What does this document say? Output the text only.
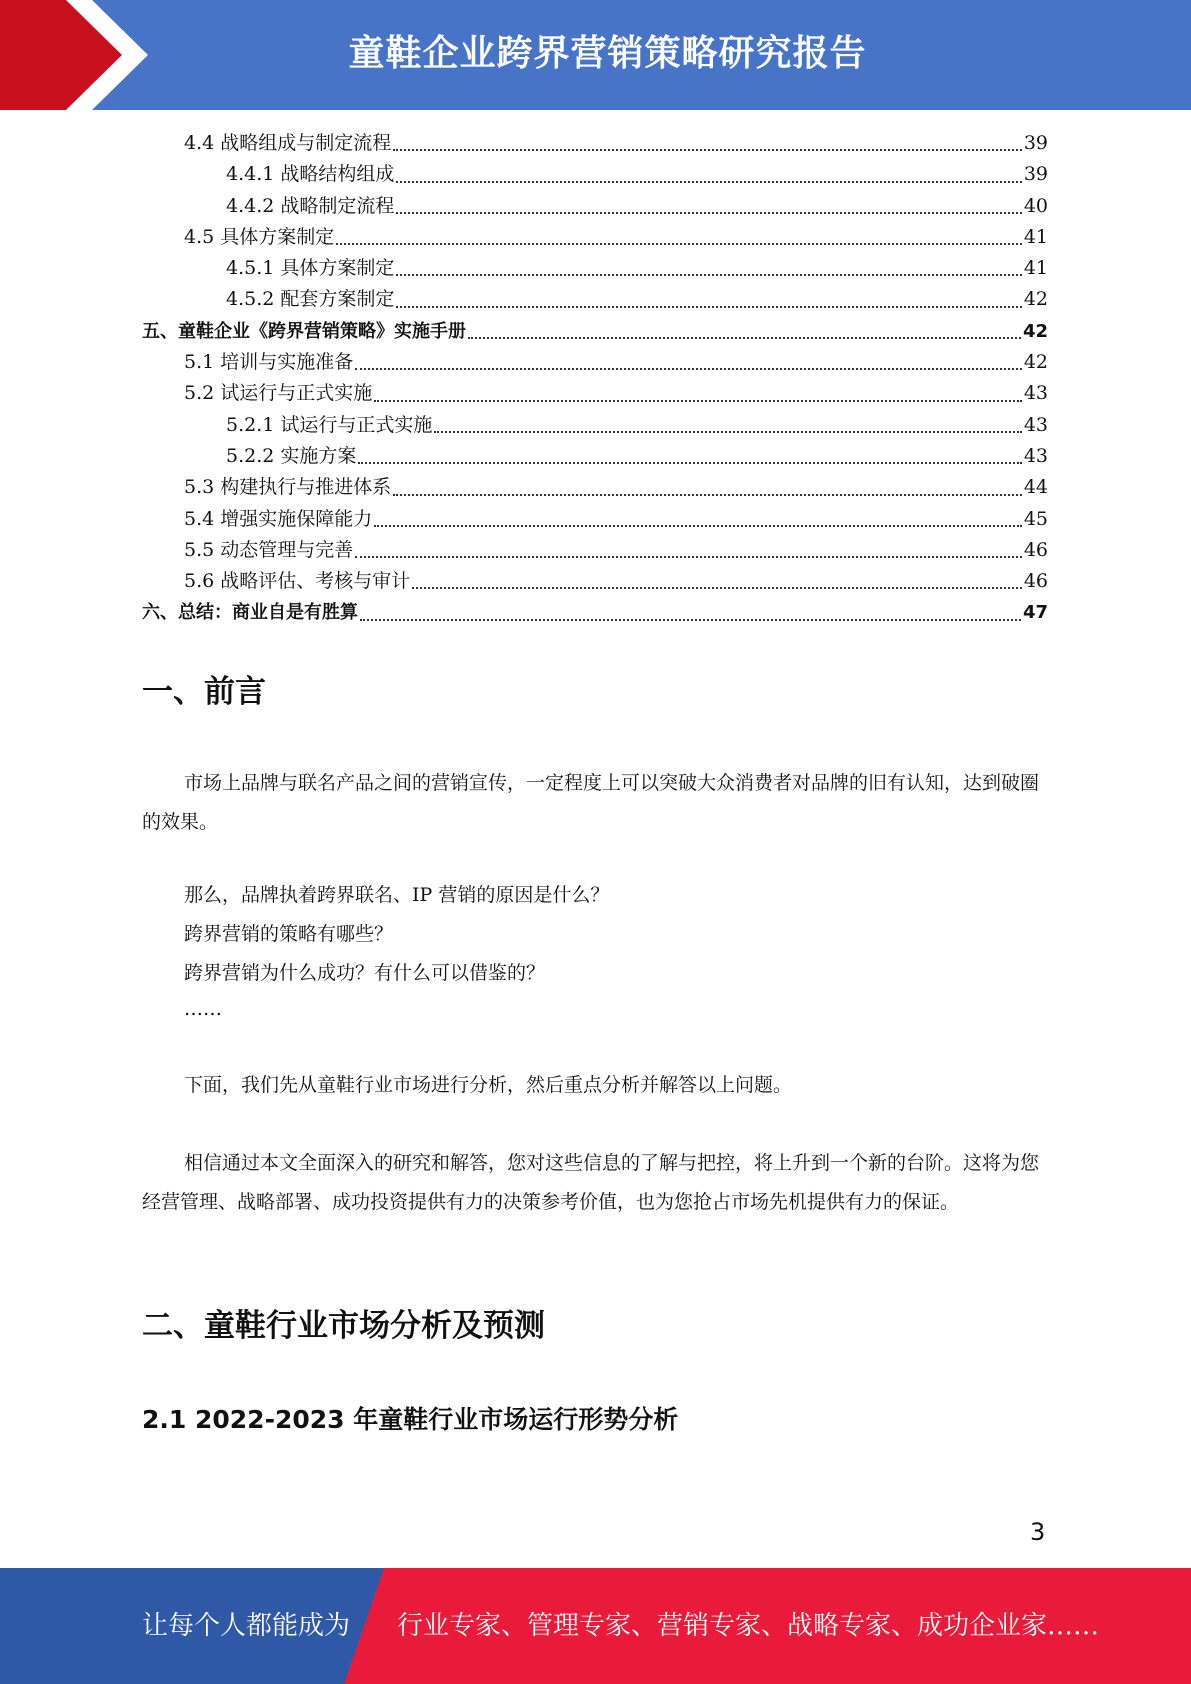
童鞋企业跨界营销策略研究报告
4.4 战略组成与制定流程	39
4.4.1 战略结构组成	39
4.4.2 战略制定流程	40
4.5 具体方案制定	41
4.5.1 具体方案制定	41
4.5.2 配套方案制定	42
五、童鞋企业《跨界营销策略》实施手册	42
5.1 培训与实施准备	42
5.2 试运行与正式实施	43
5.2.1 试运行与正式实施	43
5.2.2 实施方案	43
5.3 构建执行与推进体系	44
5.4 增强实施保障能力	45
5.5 动态管理与完善	46
5.6 战略评估、考核与审计	46
六、总结：商业自是有胜算	47
一、前言
市场上品牌与联名产品之间的营销宣传，一定程度上可以突破大众消费者对品牌的旧有认知，达到破圈的效果。
那么，品牌执着跨界联名、IP 营销的原因是什么？
跨界营销的策略有哪些？
跨界营销为什么成功？有什么可以借鉴的？
……
下面，我们先从童鞋行业市场进行分析，然后重点分析并解答以上问题。
相信通过本文全面深入的研究和解答，您对这些信息的了解与把控，将上升到一个新的台阶。这将为您经营管理、战略部署、成功投资提供有力的决策参考价值，也为您抢占市场先机提供有力的保证。
二、童鞋行业市场分析及预测
2.1 2022-2023 年童鞋行业市场运行形势分析
3
让每个人都能成为 行业专家、管理专家、营销专家、战略专家、成功企业家……
